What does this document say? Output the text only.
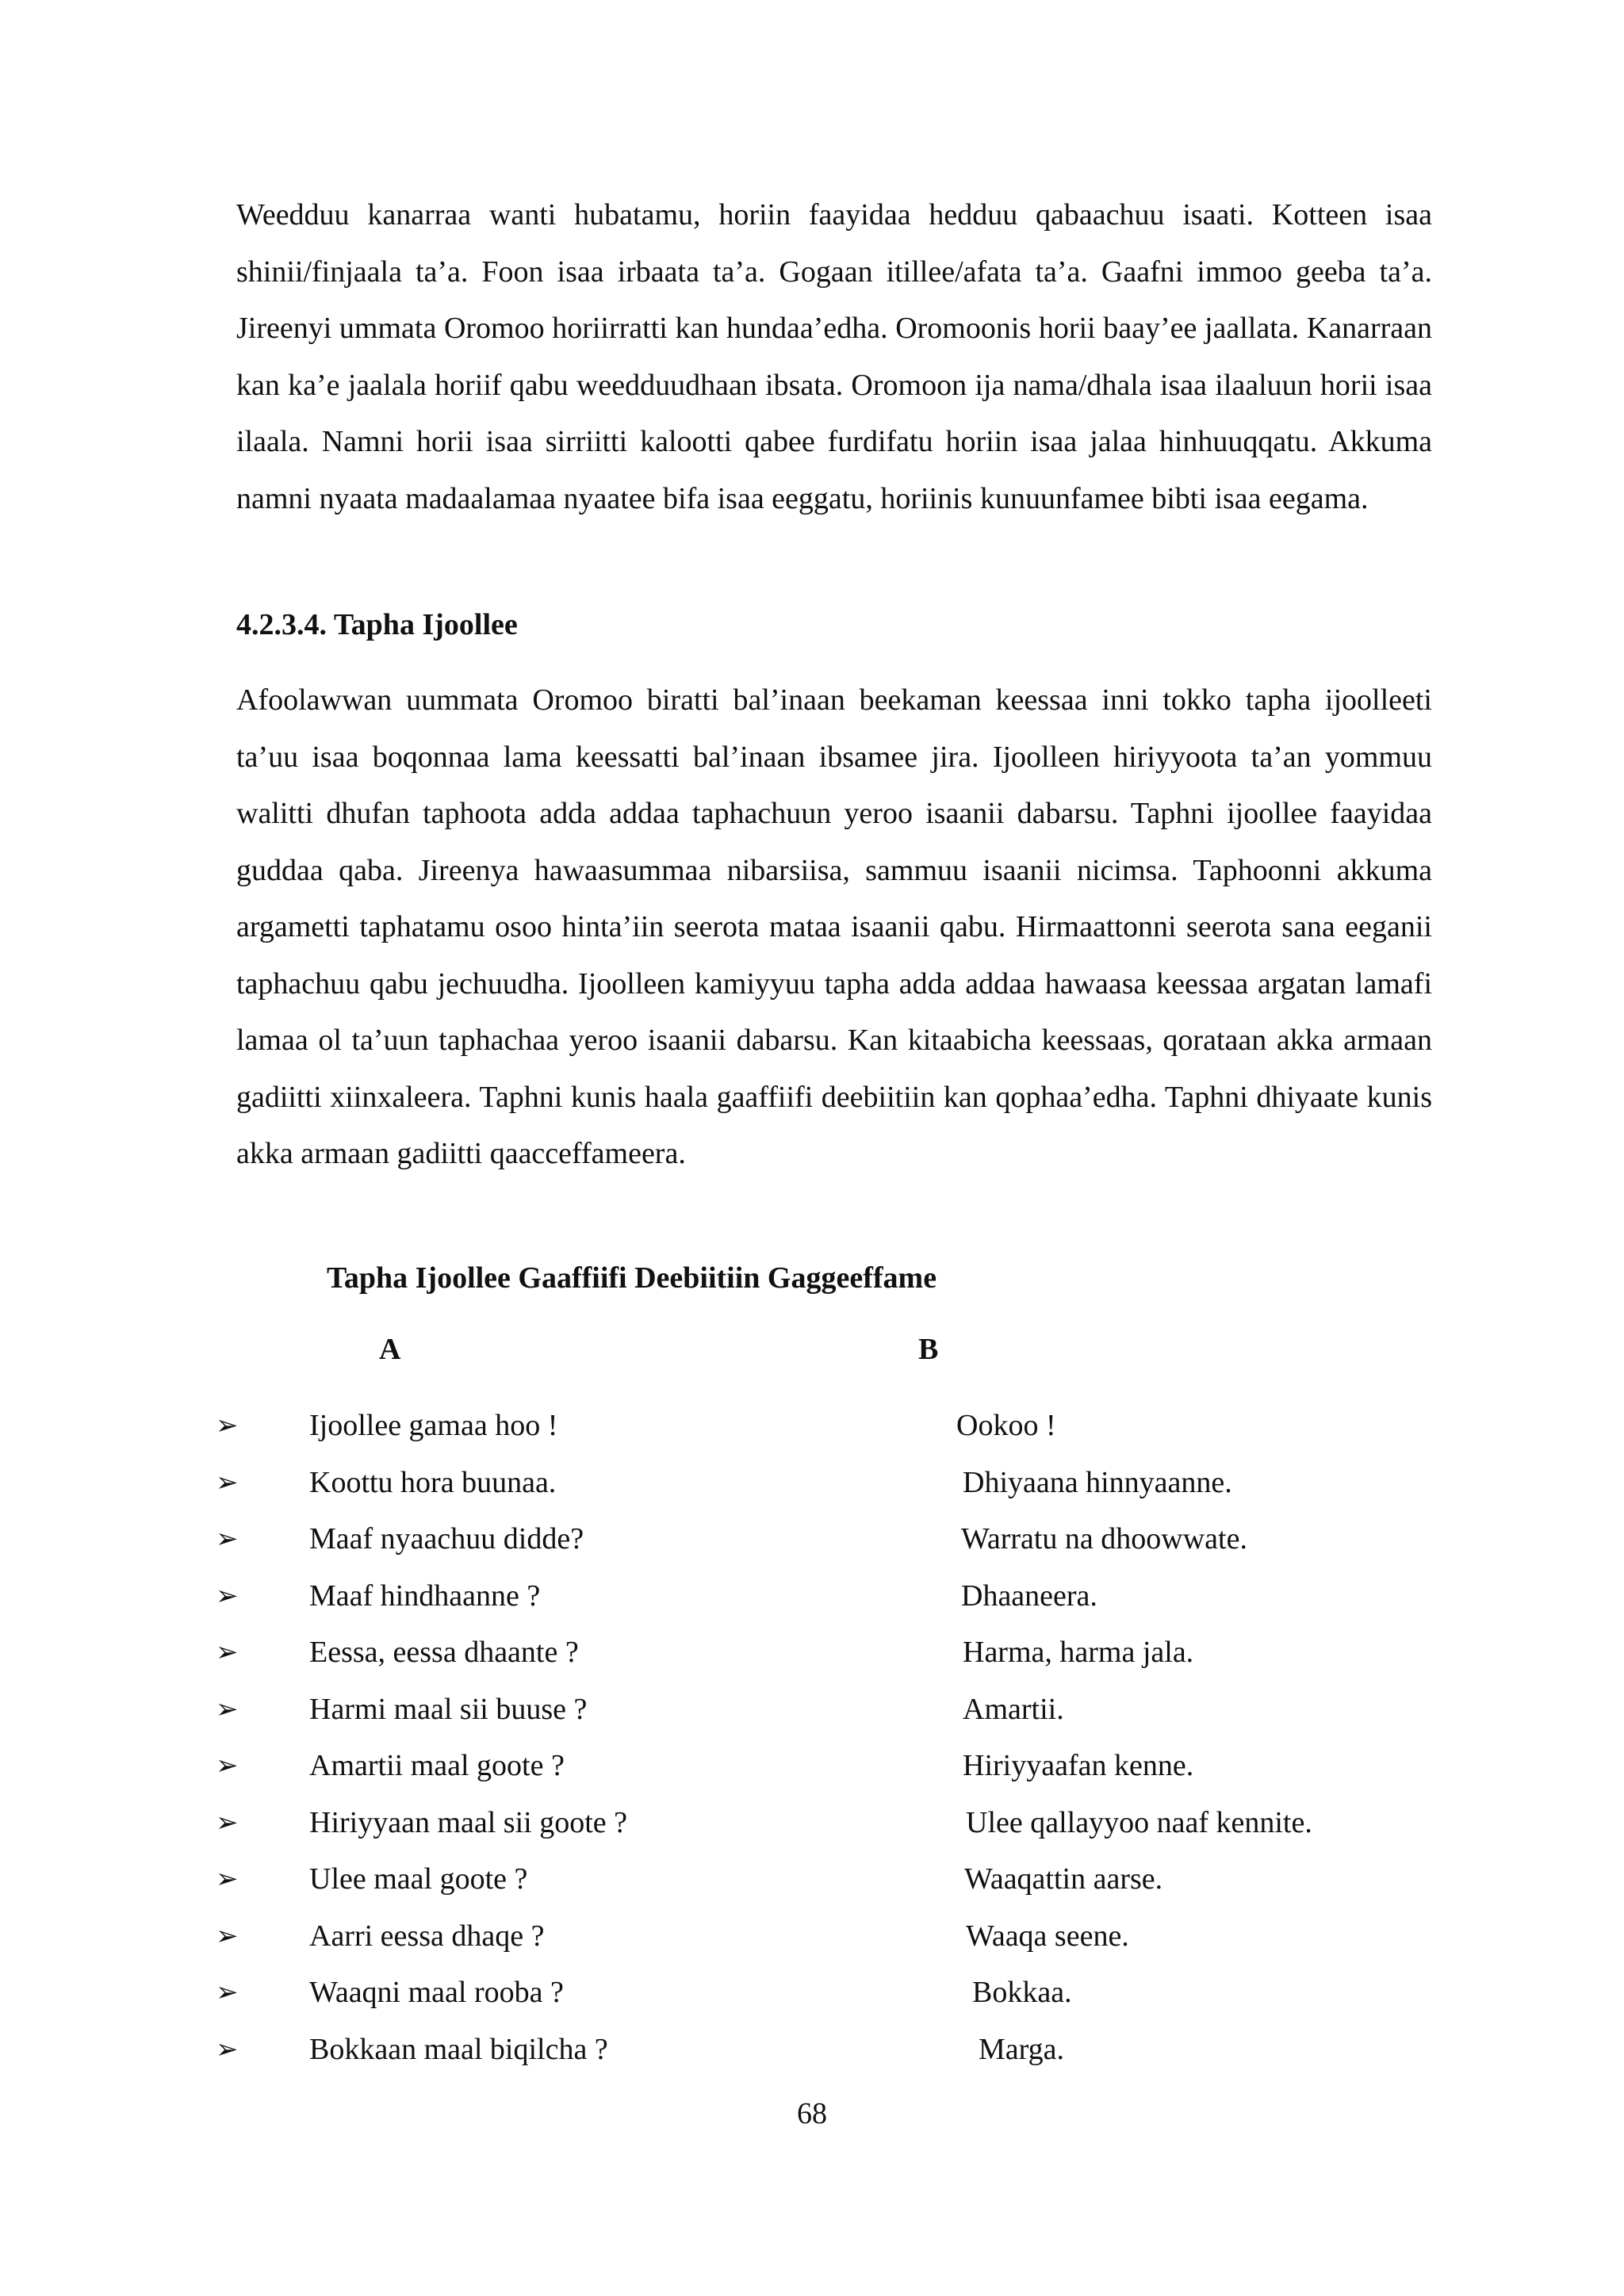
Weedduu kanarraa wanti hubatamu, horiin faayidaa hedduu qabaachuu isaati. Kotteen isaa shinii/finjaala ta’a. Foon isaa irbaata ta’a. Gogaan itillee/afata ta’a. Gaafni immoo geeba ta’a. Jireenyi ummata Oromoo horiirratti kan hundaa’edha. Oromoonis horii baay’ee jaallata. Kanarraan kan ka’e jaalala horiif qabu weedduudhaan ibsata. Oromoon ija nama/dhala isaa ilaaluun horii isaa ilaala. Namni horii isaa sirriitti kalootti qabee furdifatu horiin isaa jalaa hinhuuqqatu. Akkuma namni nyaata madaalamaa nyaatee bifa isaa eeggatu, horiinis kunuunfamee bibti isaa eegama.

4.2.3.4. Tapha Ijoollee

Afoolawwan uummata Oromoo biratti bal’inaan beekaman keessaa inni tokko tapha ijoolleeti ta’uu isaa boqonnaa lama keessatti bal’inaan ibsamee jira. Ijoolleen hiriyyoota ta’an yommuu walitti dhufan taphoota adda addaa taphachuun yeroo isaanii dabarsu. Taphni ijoollee faayidaa guddaa qaba. Jireenya hawaasummaa nibarsiisa, sammuu isaanii nicimsa. Taphoonni akkuma argametti taphatamu osoo hinta’iin seerota mataa isaanii qabu. Hirmaattonni seerota sana eeganii taphachuu qabu jechuudha. Ijoolleen kamiyyuu tapha adda addaa hawaasa keessaa argatan lamafi lamaa ol ta’uun taphachaa yeroo isaanii dabarsu. Kan kitaabicha keessaas, qorataan akka armaan gadiitti xiinxaleera. Taphni kunis haala gaaffiifi deebiitiin kan qophaa’edha. Taphni dhiyaate kunis akka armaan gadiitti qaacceffameera.

Tapha Ijoollee Gaaffiifi Deebiitiin Gaggeeffame
A	B
➢ Ijoollee gamaa hoo !	Ookoo !
➢ Koottu hora buunaa.	Dhiyaana hinnyaanne.
➢ Maaf nyaachuu didde?	Warratu na dhoowwate.
➢ Maaf hindhaanne ?	Dhaaneera.
➢ Eessa, eessa dhaante ?	Harma, harma jala.
➢ Harmi maal sii buuse ?	Amartii.
➢ Amartii maal goote ?	Hiriyyaafan kenne.
➢ Hiriyyaan maal sii goote ?	Ulee qallayyoo naaf kennite.
➢ Ulee maal goote ?	Waaqattin aarse.
➢ Aarri eessa dhaqe ?	Waaqa seene.
➢ Waaqni maal rooba ?	Bokkaa.
➢ Bokkaan maal biqilcha ?	Marga.
68
